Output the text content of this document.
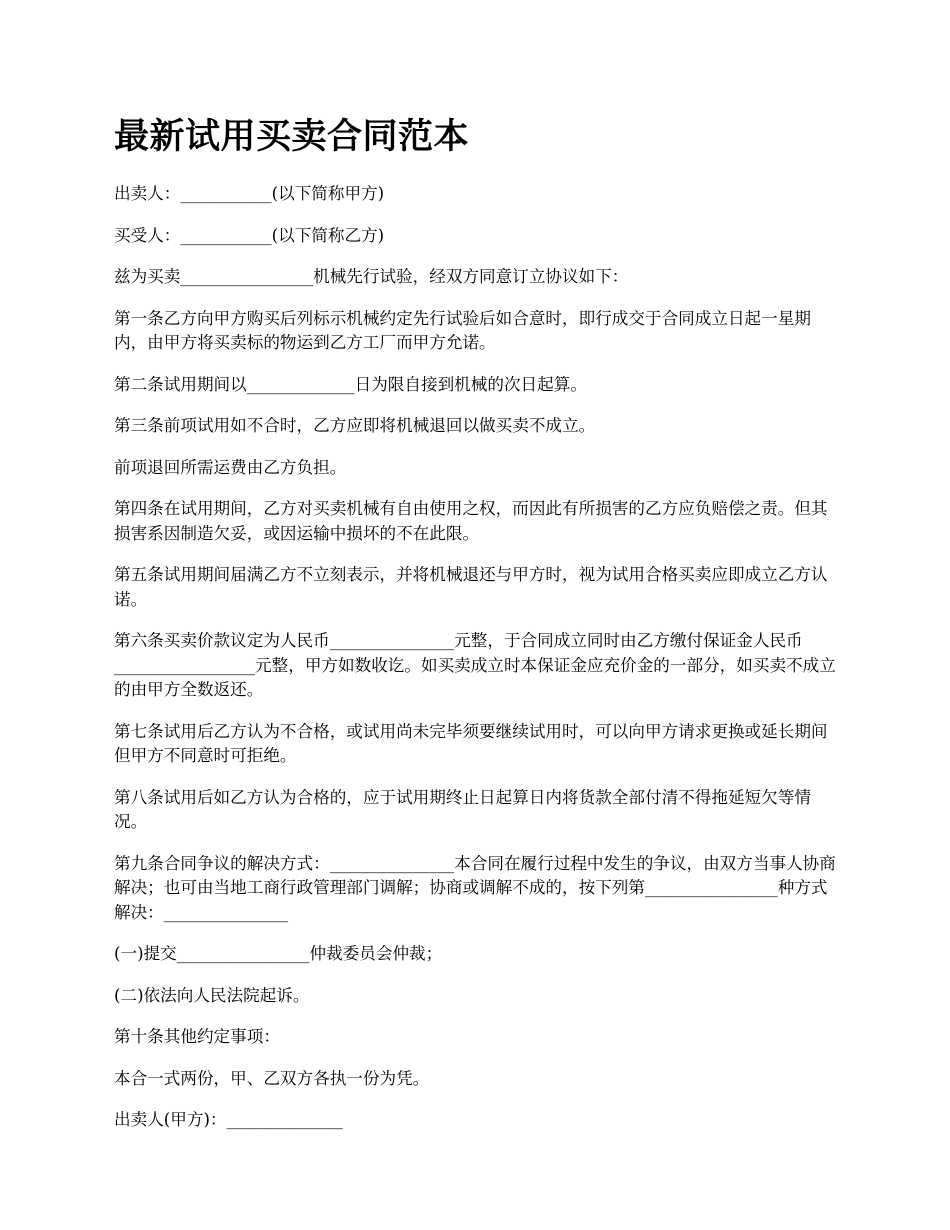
最新试用买卖合同范本

出卖人：___________(以下简称甲方)

买受人：___________(以下简称乙方)

兹为买卖________________机械先行试验，经双方同意订立协议如下：

第一条乙方向甲方购买后列标示机械约定先行试验后如合意时，即行成交于合同成立日起一星期内，由甲方将买卖标的物运到乙方工厂而甲方允诺。

第二条试用期间以_____________日为限自接到机械的次日起算。

第三条前项试用如不合时，乙方应即将机械退回以做买卖不成立。

前项退回所需运费由乙方负担。

第四条在试用期间，乙方对买卖机械有自由使用之权，而因此有所损害的乙方应负赔偿之责。但其损害系因制造欠妥，或因运输中损坏的不在此限。

第五条试用期间届满乙方不立刻表示，并将机械退还与甲方时，视为试用合格买卖应即成立乙方认诺。

第六条买卖价款议定为人民币_______________元整，于合同成立同时由乙方缴付保证金人民币_________________元整，甲方如数收讫。如买卖成立时本保证金应充价金的一部分，如买卖不成立的由甲方全数返还。

第七条试用后乙方认为不合格，或试用尚未完毕须要继续试用时，可以向甲方请求更换或延长期间但甲方不同意时可拒绝。

第八条试用后如乙方认为合格的，应于试用期终止日起算日内将货款全部付清不得拖延短欠等情况。

第九条合同争议的解决方式：_______________本合同在履行过程中发生的争议，由双方当事人协商解决；也可由当地工商行政管理部门调解；协商或调解不成的，按下列第________________种方式解决：_______________

(一)提交________________仲裁委员会仲裁；

(二)依法向人民法院起诉。

第十条其他约定事项：

本合一式两份，甲、乙双方各执一份为凭。

出卖人(甲方)：______________
